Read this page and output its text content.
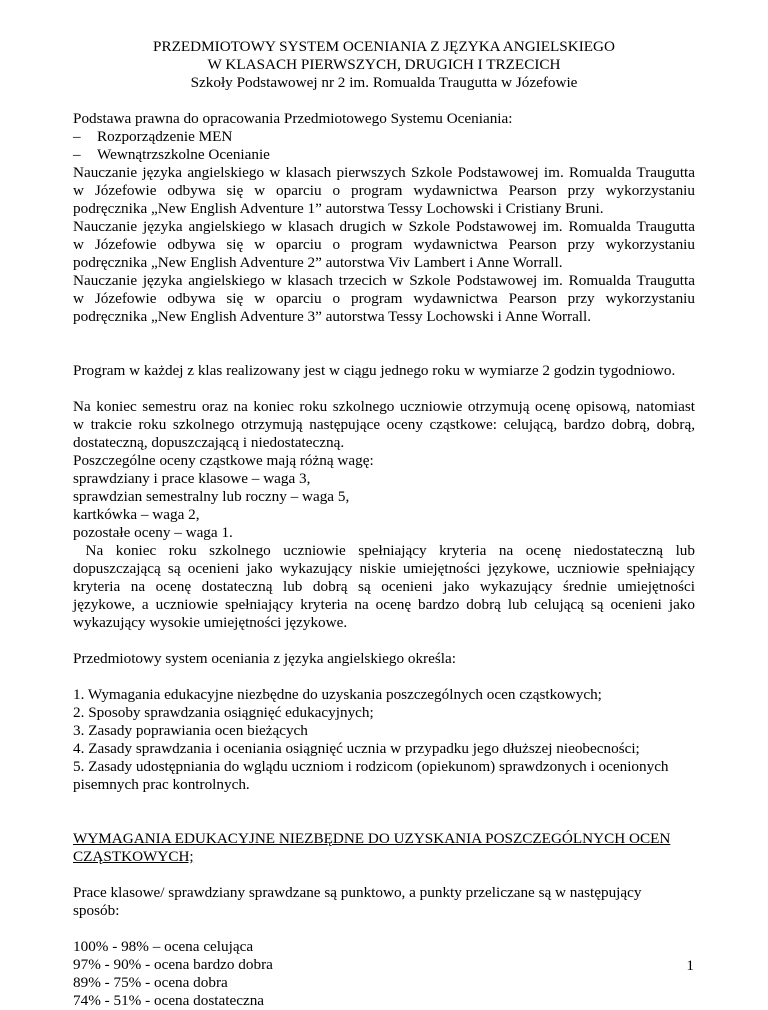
PRZEDMIOTOWY SYSTEM OCENIANIA Z JĘZYKA ANGIELSKIEGO
W KLASACH PIERWSZYCH, DRUGICH I TRZECICH
Szkoły Podstawowej nr 2 im. Romualda Traugutta w Józefowie
Podstawa prawna do opracowania Przedmiotowego Systemu Oceniania:
– Rozporządzenie MEN
– Wewnątrzszkolne Ocenianie
Nauczanie języka angielskiego w klasach pierwszych Szkole Podstawowej im. Romualda Traugutta
w Józefowie odbywa się w oparciu o program wydawnictwa Pearson przy wykorzystaniu
podręcznika „New English Adventure 1” autorstwa Tessy Lochowski i Cristiany Bruni.
Nauczanie języka angielskiego w klasach drugich w Szkole Podstawowej im. Romualda Traugutta
w Józefowie odbywa się w oparciu o program wydawnictwa Pearson przy wykorzystaniu
podręcznika „New English Adventure 2” autorstwa Viv Lambert i Anne Worrall.
Nauczanie języka angielskiego w klasach trzecich w Szkole Podstawowej im. Romualda Traugutta
w Józefowie odbywa się w oparciu o program wydawnictwa Pearson przy wykorzystaniu
podręcznika „New English Adventure 3” autorstwa Tessy Lochowski i Anne Worrall.
Program w każdej z klas realizowany jest w ciągu jednego roku w wymiarze 2 godzin tygodniowo.
Na koniec semestru oraz na koniec roku szkolnego uczniowie otrzymują ocenę opisową, natomiast
w trakcie roku szkolnego otrzymują następujące oceny cząstkowe: celującą, bardzo dobrą, dobrą,
dostateczną, dopuszczającą i niedostateczną.
Poszczególne oceny cząstkowe mają różną wagę:
sprawdziany i prace klasowe – waga 3,
sprawdzian semestralny lub roczny – waga 5,
kartkówka – waga 2,
pozostałe oceny – waga 1.
Na koniec roku szkolnego uczniowie spełniający kryteria na ocenę niedostateczną lub
dopuszczającą są ocenieni jako wykazujący niskie umiejętności językowe, uczniowie spełniający
kryteria na ocenę dostateczną lub dobrą są ocenieni jako wykazujący średnie umiejętności
językowe, a uczniowie spełniający kryteria na ocenę bardzo dobrą lub celującą są ocenieni jako
wykazujący wysokie umiejętności językowe.
Przedmiotowy system oceniania z języka angielskiego określa:
1. Wymagania edukacyjne niezbędne do uzyskania poszczególnych ocen cząstkowych;
2. Sposoby sprawdzania osiągnięć edukacyjnych;
3. Zasady poprawiania ocen bieżących
4. Zasady sprawdzania i oceniania osiągnięć ucznia w przypadku jego dłuższej nieobecności;
5. Zasady udostępniania do wglądu uczniom i rodzicom (opiekunom) sprawdzonych i ocenionych
pisemnych prac kontrolnych.
WYMAGANIA EDUKACYJNE NIEZBĘDNE DO UZYSKANIA POSZCZEGÓLNYCH OCEN
CZĄSTKOWYCH;
Prace klasowe/ sprawdziany sprawdzane są punktowo, a punkty przeliczane są w następujący
sposób:
100% - 98% – ocena celująca
97% - 90% - ocena bardzo dobra
89% - 75% - ocena dobra
74% - 51% - ocena dostateczna
1
